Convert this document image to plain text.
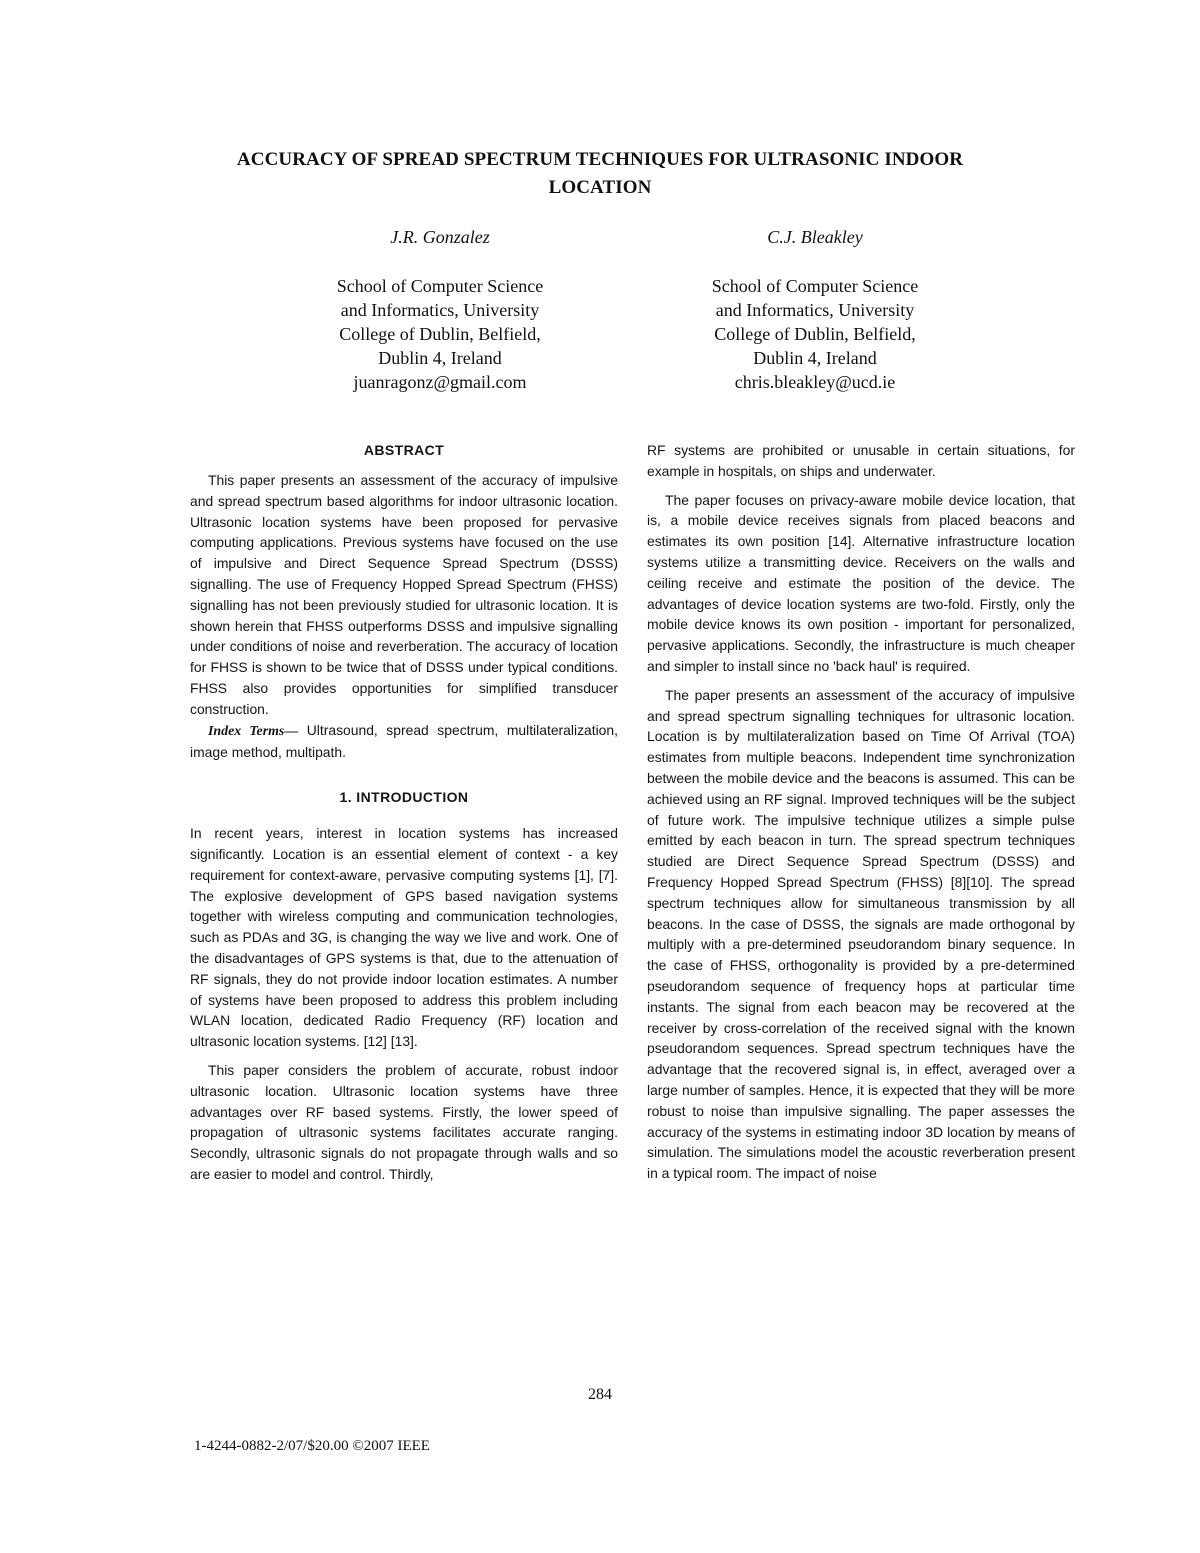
ACCURACY OF SPREAD SPECTRUM TECHNIQUES FOR ULTRASONIC INDOOR
LOCATION
J.R. Gonzalez
School of Computer Science
and Informatics, University
College of Dublin, Belfield,
Dublin 4, Ireland
juanragonz@gmail.com
C.J. Bleakley
School of Computer Science
and Informatics, University
College of Dublin, Belfield,
Dublin 4, Ireland
chris.bleakley@ucd.ie
ABSTRACT

This paper presents an assessment of the accuracy of impulsive and spread spectrum based algorithms for indoor ultrasonic location. Ultrasonic location systems have been proposed for pervasive computing applications. Previous systems have focused on the use of impulsive and Direct Sequence Spread Spectrum (DSSS) signalling. The use of Frequency Hopped Spread Spectrum (FHSS) signalling has not been previously studied for ultrasonic location. It is shown herein that FHSS outperforms DSSS and impulsive signalling under conditions of noise and reverberation. The accuracy of location for FHSS is shown to be twice that of DSSS under typical conditions. FHSS also provides opportunities for simplified transducer construction.

Index Terms— Ultrasound, spread spectrum, multilateralization, image method, multipath.

1. INTRODUCTION

In recent years, interest in location systems has increased significantly. Location is an essential element of context - a key requirement for context-aware, pervasive computing systems [1], [7]. The explosive development of GPS based navigation systems together with wireless computing and communication technologies, such as PDAs and 3G, is changing the way we live and work. One of the disadvantages of GPS systems is that, due to the attenuation of RF signals, they do not provide indoor location estimates. A number of systems have been proposed to address this problem including WLAN location, dedicated Radio Frequency (RF) location and ultrasonic location systems. [12] [13].

This paper considers the problem of accurate, robust indoor ultrasonic location. Ultrasonic location systems have three advantages over RF based systems. Firstly, the lower speed of propagation of ultrasonic systems facilitates accurate ranging. Secondly, ultrasonic signals do not propagate through walls and so are easier to model and control. Thirdly,

RF systems are prohibited or unusable in certain situations, for example in hospitals, on ships and underwater.

The paper focuses on privacy-aware mobile device location, that is, a mobile device receives signals from placed beacons and estimates its own position [14]. Alternative infrastructure location systems utilize a transmitting device. Receivers on the walls and ceiling receive and estimate the position of the device. The advantages of device location systems are two-fold. Firstly, only the mobile device knows its own position - important for personalized, pervasive applications. Secondly, the infrastructure is much cheaper and simpler to install since no 'back haul' is required.

The paper presents an assessment of the accuracy of impulsive and spread spectrum signalling techniques for ultrasonic location. Location is by multilateralization based on Time Of Arrival (TOA) estimates from multiple beacons. Independent time synchronization between the mobile device and the beacons is assumed. This can be achieved using an RF signal. Improved techniques will be the subject of future work. The impulsive technique utilizes a simple pulse emitted by each beacon in turn. The spread spectrum techniques studied are Direct Sequence Spread Spectrum (DSSS) and Frequency Hopped Spread Spectrum (FHSS) [8][10]. The spread spectrum techniques allow for simultaneous transmission by all beacons. In the case of DSSS, the signals are made orthogonal by multiply with a pre-determined pseudorandom binary sequence. In the case of FHSS, orthogonality is provided by a pre-determined pseudorandom sequence of frequency hops at particular time instants. The signal from each beacon may be recovered at the receiver by cross-correlation of the received signal with the known pseudorandom sequences. Spread spectrum techniques have the advantage that the recovered signal is, in effect, averaged over a large number of samples. Hence, it is expected that they will be more robust to noise than impulsive signalling. The paper assesses the accuracy of the systems in estimating indoor 3D location by means of simulation. The simulations model the acoustic reverberation present in a typical room. The impact of noise

284
1-4244-0882-2/07/$20.00 ©2007 IEEE
